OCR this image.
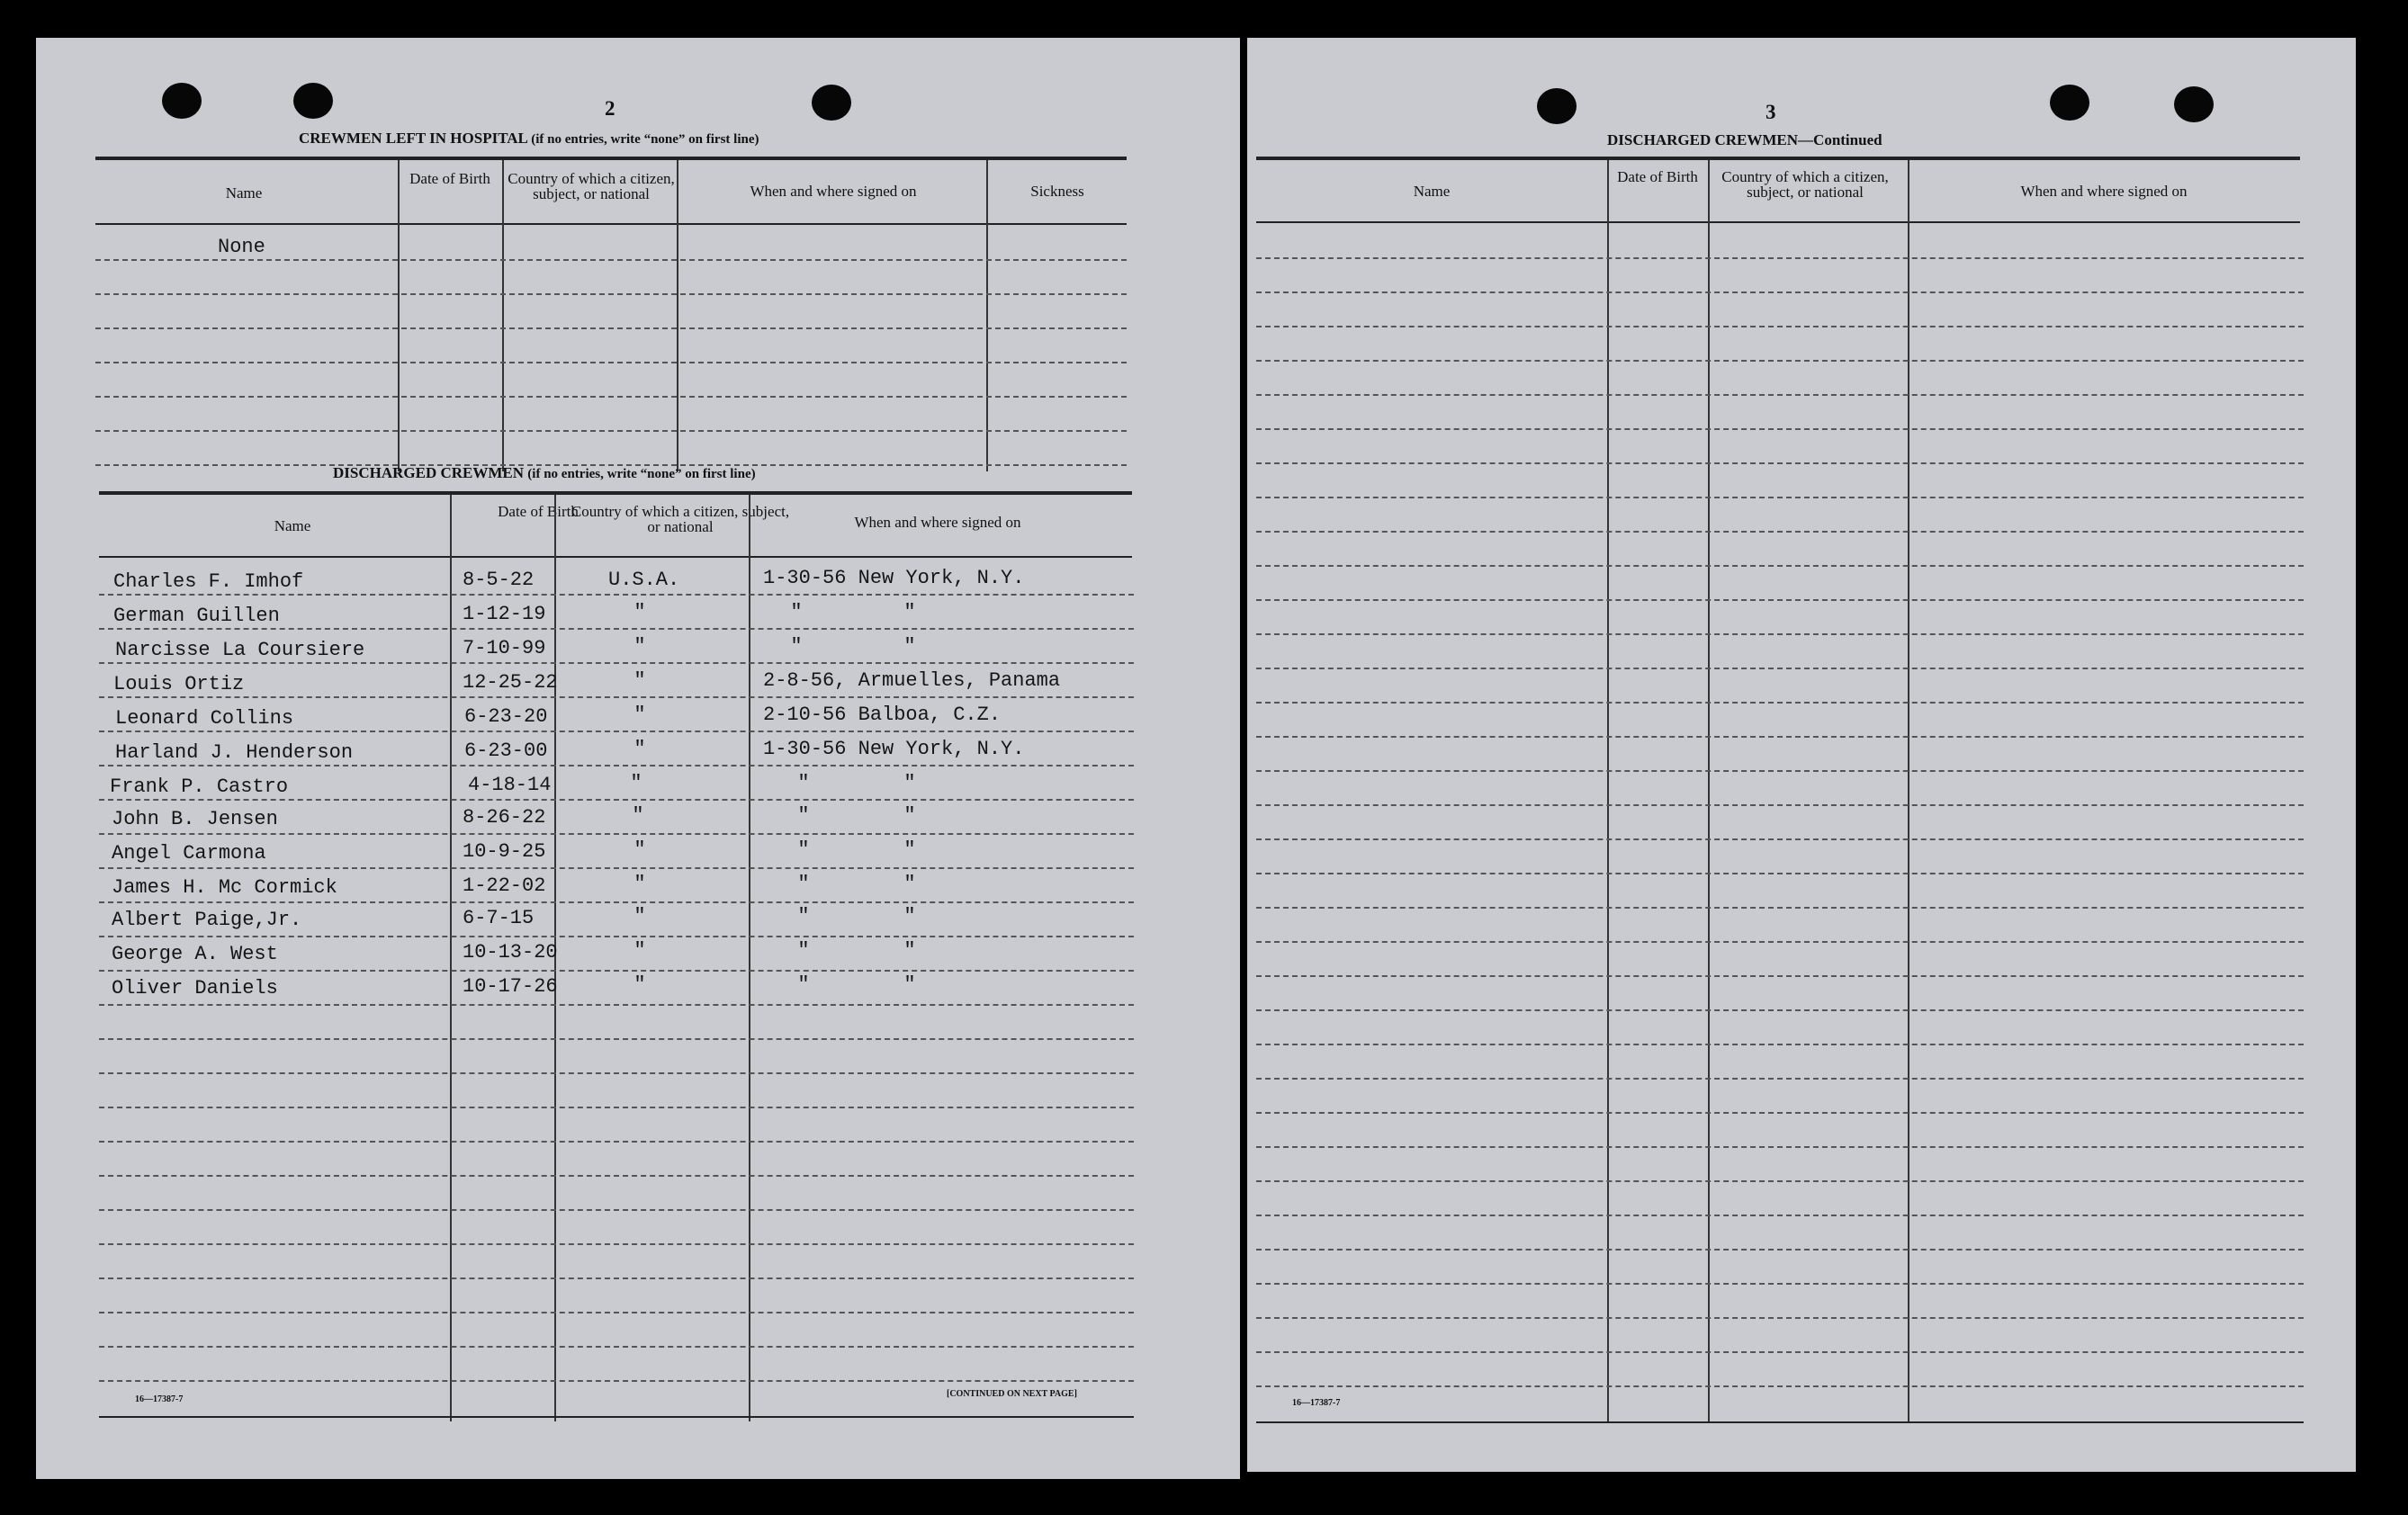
2
CREWMEN LEFT IN HOSPITAL (if no entries, write “none” on first line)
Name
Date of Birth	Country of which a citizen, subject, or national	When and where signed on	Sickness
None
DISCHARGED CREWMEN (if no entries, write “none” on first line)
Name
Date of Birth
Country of which a citizen, subject, or national	When and where signed on
Charles F. Imhof	8-5-22	U.S.A.	1-30-56 New York, N.Y.
German Guillen	1-12-19	"	"	"
Narcisse La Coursiere	7-10-99	"	"	"
Louis Ortiz	12-25-22	"	2-8-56, Armuelles, Panama
Leonard Collins	6-23-20	"	2-10-56 Balboa, C.Z.
Harland J. Henderson	6-23-00	"	1-30-56 New York, N.Y.
Frank P. Castro	4-18-14	"	"	"
John B. Jensen	8-26-22	"	"	"
Angel Carmona	10-9-25	"	"	"
James H. Mc Cormick	1-22-02	"	"	"
Albert Paige,Jr.	6-7-15	"	"	"
George A. West	10-13-20	"	"	"
Oliver Daniels	10-17-26	"	"	"
16—17387-7
[CONTINUED ON NEXT PAGE]
3
DISCHARGED CREWMEN—Continued
Name
Date of Birth	Country of which a citizen, subject, or national	When and where signed on
16—17387-7
